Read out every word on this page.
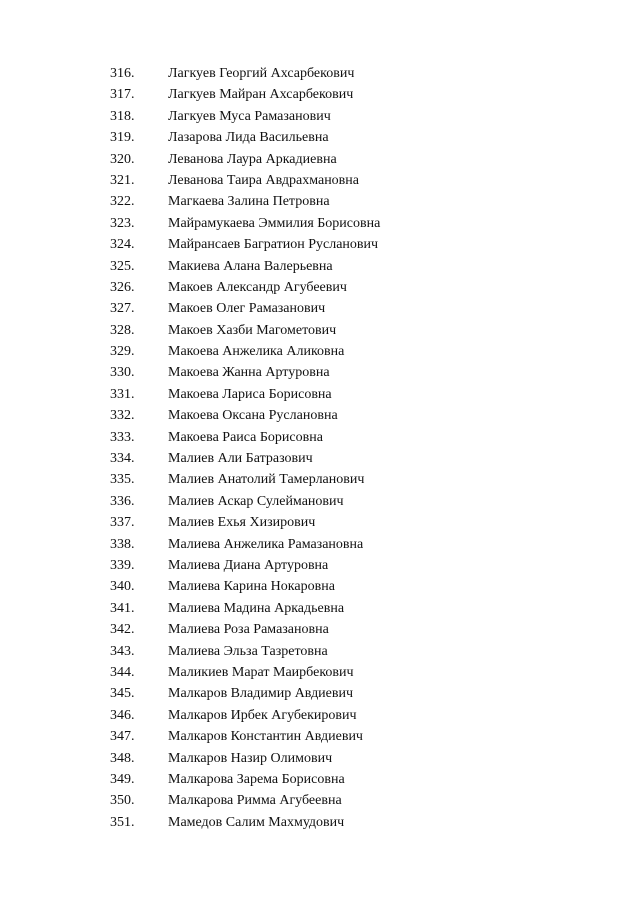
316.	Лагкуев Георгий Ахсарбекович
317.	Лагкуев Майран Ахсарбекович
318.	Лагкуев Муса Рамазанович
319.	Лазарова Лида Васильевна
320.	Леванова Лаура Аркадиевна
321.	Леванова Таира Авдрахмановна
322.	Магкаева Залина Петровна
323.	Майрамукаева Эммилия Борисовна
324.	Майрансаев Багратион Русланович
325.	Макиева Алана Валерьевна
326.	Макоев Александр Агубеевич
327.	Макоев Олег Рамазанович
328.	Макоев Хазби Магометович
329.	Макоева Анжелика Аликовна
330.	Макоева Жанна Артуровна
331.	Макоева Лариса Борисовна
332.	Макоева Оксана Руслановна
333.	Макоева Раиса Борисовна
334.	Малиев Али Батразович
335.	Малиев Анатолий Тамерланович
336.	Малиев Аскар Сулейманович
337.	Малиев Ехья Хизирович
338.	Малиева Анжелика Рамазановна
339.	Малиева Диана Артуровна
340.	Малиева Карина Нокаровна
341.	Малиева Мадина Аркадьевна
342.	Малиева Роза Рамазановна
343.	Малиева Эльза Тазретовна
344.	Маликиев Марат Маирбекович
345.	Малкаров Владимир Авдиевич
346.	Малкаров Ирбек Агубекирович
347.	Малкаров Константин Авдиевич
348.	Малкаров Назир Олимович
349.	Малкарова Зарема Борисовна
350.	Малкарова Римма Агубеевна
351.	Мамедов Салим Махмудович
